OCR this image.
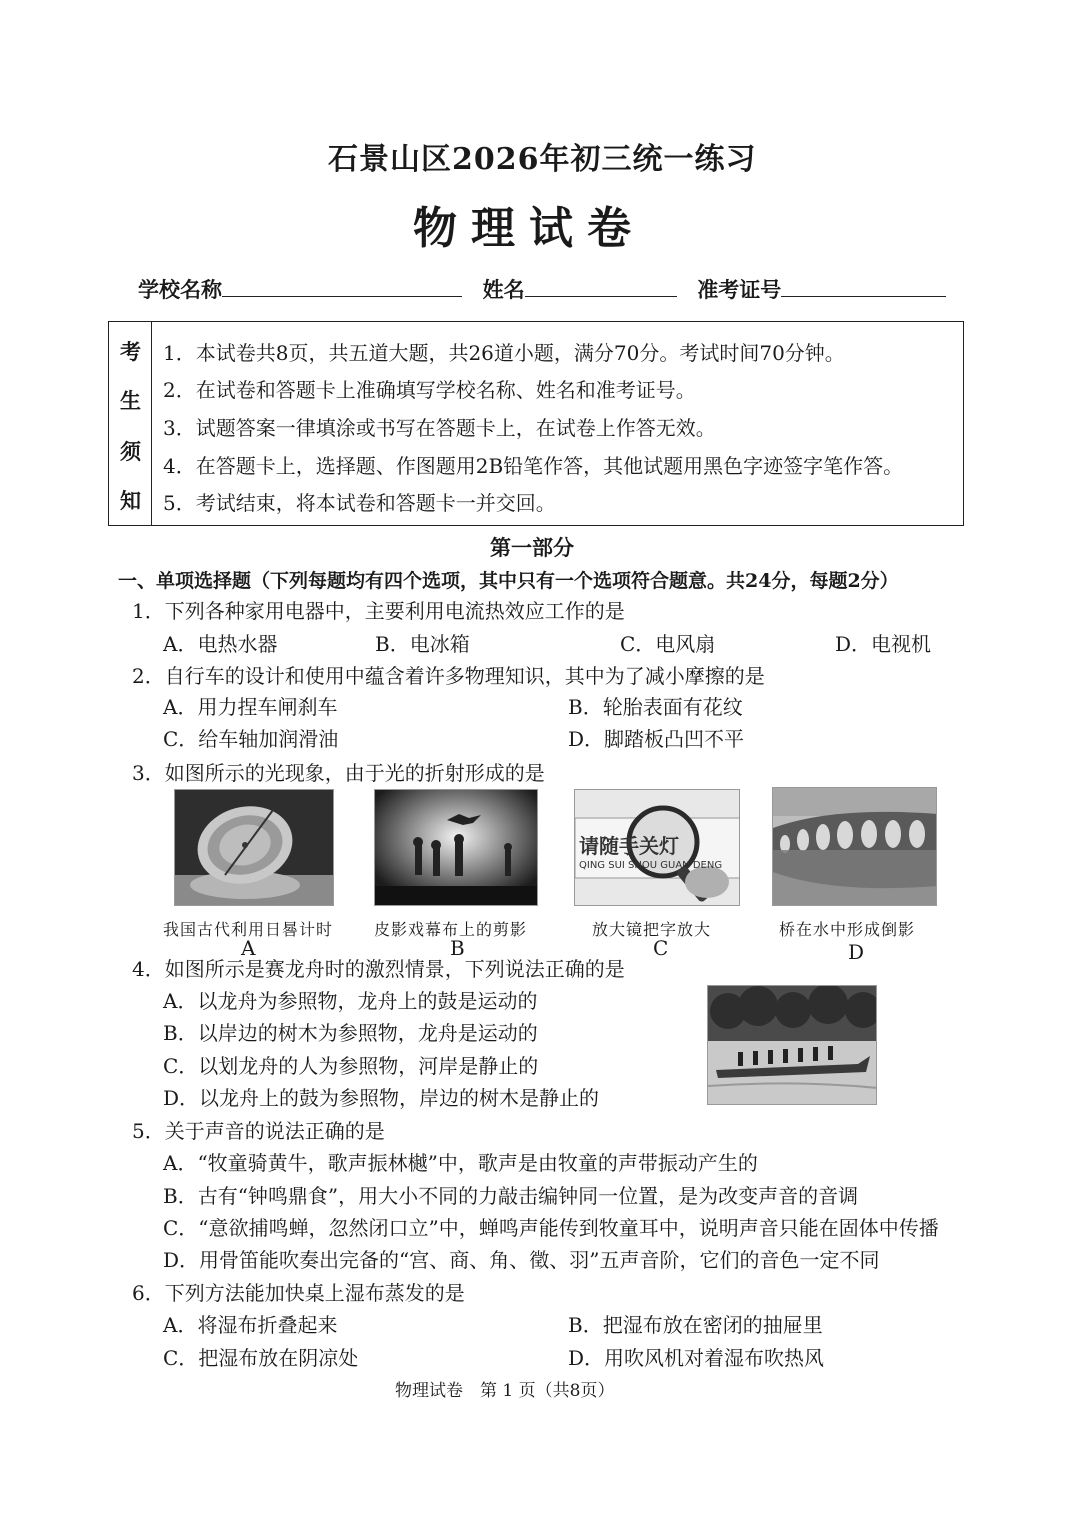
石景山区2026年初三统一练习
物理试卷
学校名称	姓名	准考证号
考
生
须
知
1．本试卷共8页，共五道大题，共26道小题，满分70分。考试时间70分钟。
2．在试卷和答题卡上准确填写学校名称、姓名和准考证号。
3．试题答案一律填涂或书写在答题卡上，在试卷上作答无效。
4．在答题卡上，选择题、作图题用2B铅笔作答，其他试题用黑色字迹签字笔作答。
5．考试结束，将本试卷和答题卡一并交回。
第一部分
一、单项选择题（下列每题均有四个选项，其中只有一个选项符合题意。共24分，每题2分）
1．下列各种家用电器中，主要利用电流热效应工作的是
A．电热水器	B．电冰箱	C．电风扇	D．电视机
2．自行车的设计和使用中蕴含着许多物理知识，其中为了减小摩擦的是
A．用力捏车闸刹车	B．轮胎表面有花纹
C．给车轴加润滑油	D．脚踏板凸凹不平
3．如图所示的光现象，由于光的折射形成的是
我国古代利用日晷计时
A
皮影戏幕布上的剪影
B
请随手关灯
QING SUI SHOU GUAN DENG
放大镜把字放大
C
桥在水中形成倒影
D
4．如图所示是赛龙舟时的激烈情景，下列说法正确的是
A．以龙舟为参照物，龙舟上的鼓是运动的
B．以岸边的树木为参照物，龙舟是运动的
C．以划龙舟的人为参照物，河岸是静止的
D．以龙舟上的鼓为参照物，岸边的树木是静止的
5．关于声音的说法正确的是
A．“牧童骑黄牛，歌声振林樾”中，歌声是由牧童的声带振动产生的
B．古有“钟鸣鼎食”，用大小不同的力敲击编钟同一位置，是为改变声音的音调
C．“意欲捕鸣蝉，忽然闭口立”中，蝉鸣声能传到牧童耳中，说明声音只能在固体中传播
D．用骨笛能吹奏出完备的“宫、商、角、徵、羽”五声音阶，它们的音色一定不同
6．下列方法能加快桌上湿布蒸发的是
A．将湿布折叠起来	B．把湿布放在密闭的抽屉里
C．把湿布放在阴凉处	D．用吹风机对着湿布吹热风
物理试卷　第 1 页（共8页）
